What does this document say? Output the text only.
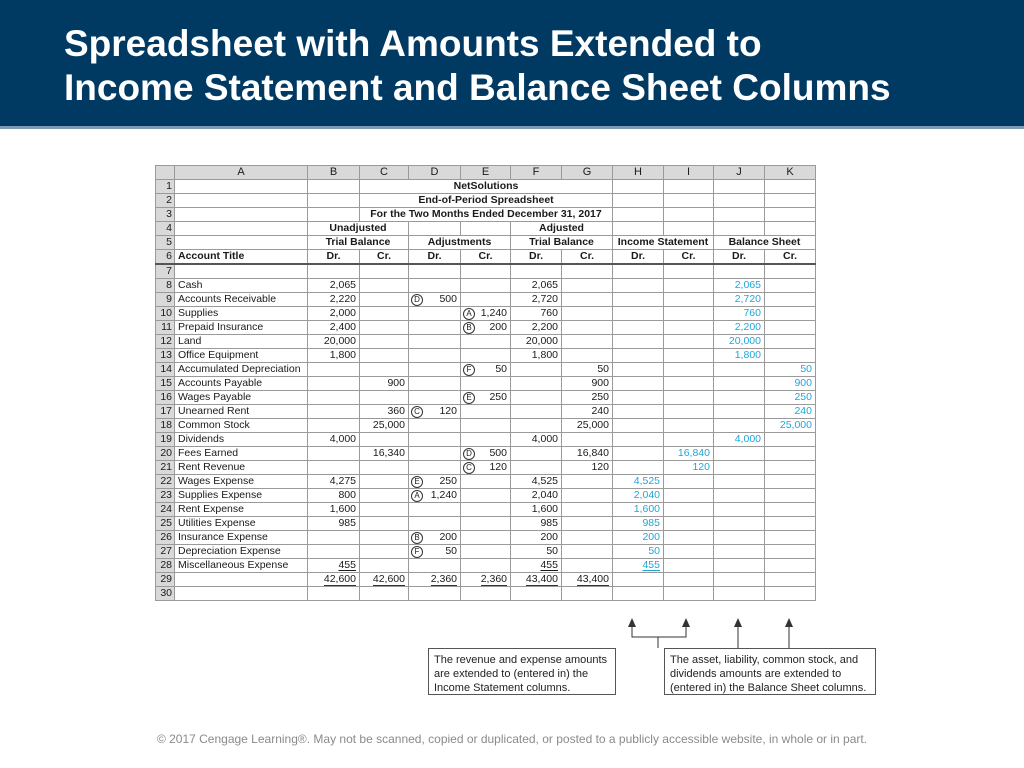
Spreadsheet with Amounts Extended to
Income Statement and Balance Sheet Columns
	A	B	C	D	E	F	G	H	I	J	K
1			NetSolutions								
2			End-of-Period Spreadsheet								
3			For the Two Months Ended December 31, 2017								
4		Unadjusted				Adjusted					
5		Trial Balance		Adjustments		Trial Balance		Income Statement		Balance Sheet	
6	Account Title	Dr.	Cr.	Dr.	Cr.	Dr.	Cr.	Dr.	Cr.	Dr.	Cr.
7											
8	Cash	2,065				2,065				2,065	
9	Accounts Receivable	2,220		D 500		2,720				2,720	
10	Supplies	2,000			A 1,240	760				760	
11	Prepaid Insurance	2,400			B 200	2,200				2,200	
12	Land	20,000				20,000				20,000	
13	Office Equipment	1,800				1,800				1,800	
14	Accumulated Depreciation				F 50		50				50
15	Accounts Payable		900				900				900
16	Wages Payable				E 250		250				250
17	Unearned Rent		360	C 120			240				240
18	Common Stock		25,000				25,000				25,000
19	Dividends	4,000				4,000				4,000	
20	Fees Earned		16,340		D 500		16,840		16,840		
21	Rent Revenue				C 120		120		120		
22	Wages Expense	4,275		E 250		4,525		4,525			
23	Supplies Expense	800		A 1,240		2,040		2,040			
24	Rent Expense	1,600				1,600		1,600			
25	Utilities Expense	985				985		985			
26	Insurance Expense			B 200		200		200			
27	Depreciation Expense			F 50		50		50			
28	Miscellaneous Expense	455				455		455			
29		42,600	42,600	2,360	2,360	43,400	43,400				
30											
The revenue and expense amounts are extended to (entered in) the Income Statement columns.
The asset, liability, common stock, and dividends amounts are extended to (entered in) the Balance Sheet columns.
© 2017 Cengage Learning®. May not be scanned, copied or duplicated, or posted to a publicly accessible website, in whole or in part.
